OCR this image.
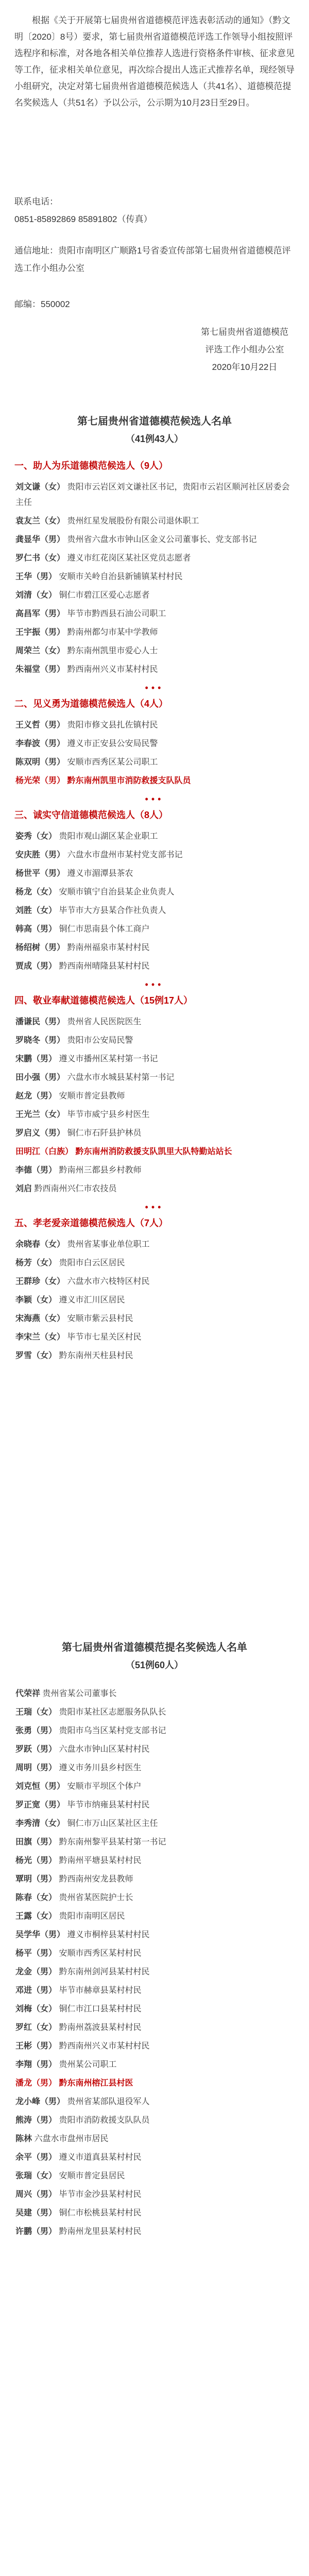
根据《关于开展第七届贵州省道德模范评选表彰活动的通知》（黔文明〔2020〕8号）要求，第七届贵州省道德模范评选工作领导小组按照评选程序和标准，对各地各相关单位推荐人选进行资格条件审核、征求意见等工作，征求相关单位意见，再次综合提出人选正式推荐名单，现经领导小组研究，决定对第七届贵州省道德模范候选人（共41名）、道德模范提名奖候选人（共51名）予以公示，公示期为10月23日至29日。

联系电话：
0851-85892869 85891802（传真）
通信地址：贵阳市南明区广顺路1号省委宣传部第七届贵州省道德模范评选工作小组办公室
邮编：550002
第七届贵州省道德模范
评选工作小组办公室
2020年10月22日
第七届贵州省道德模范候选人名单
（41例43人）
一、助人为乐道德模范候选人（9人）
刘文谦（女） 贵阳市云岩区刘文谦社区书记，贵阳市云岩区顺河社区居委会主任
袁友兰（女） 贵州红星发展股份有限公司退休职工
龚显华（男） 贵州省六盘水市钟山区金义公司董事长、党支部书记
罗仁书（女） 遵义市红花岗区某社区党员志愿者
王华（男） 安顺市关岭自治县新铺镇某村村民
刘清（女） 铜仁市碧江区爱心志愿者
高昌军（男） 毕节市黔西县石油公司职工
王宇振（男） 黔南州都匀市某中学教师
周荣兰（女） 黔东南州凯里市爱心人士
朱福堂（男） 黔西南州兴义市某村村民
•••
二、见义勇为道德模范候选人（4人）
王义哲（男） 贵阳市修文县扎佐镇村民
李春波（男） 遵义市正安县公安局民警
陈双明（男） 安顺市西秀区某公司职工
杨光荣（男） 黔东南州凯里市消防救援支队队员
•••
三、诚实守信道德模范候选人（8人）
姿秀（女） 贵阳市观山湖区某企业职工
安庆胜（男） 六盘水市盘州市某村党支部书记
杨世平（男） 遵义市湄潭县茶农
杨龙（女） 安顺市镇宁自治县某企业负责人
刘胜（女） 毕节市大方县某合作社负责人
韩高（男） 铜仁市思南县个体工商户
杨绍树（男） 黔南州福泉市某村村民
贾成（男） 黔西南州晴隆县某村村民
•••
四、敬业奉献道德模范候选人（15例17人）
潘谦民（男） 贵州省人民医院医生
罗晓冬（男） 贵阳市公安局民警
宋鹏（男） 遵义市播州区某村第一书记
田小强（男） 六盘水市水城县某村第一书记
赵龙（男） 安顺市普定县教师
王光兰（女） 毕节市威宁县乡村医生
罗启义（男） 铜仁市石阡县护林员
田明江（白族） 黔东南州消防救援支队凯里大队特勤站站长
李德（男） 黔南州三都县乡村教师
刘启 黔西南州兴仁市农技员
•••
五、孝老爱亲道德模范候选人（7人）
余晓春（女） 贵州省某事业单位职工
杨芳（女） 贵阳市白云区居民
王群珍（女） 六盘水市六枝特区村民
李颖（女） 遵义市汇川区居民
宋海燕（女） 安顺市紫云县村民
李宋兰（女） 毕节市七星关区村民
罗雪（女） 黔东南州天柱县村民
第七届贵州省道德模范提名奖候选人名单
（51例60人）
代荣祥 贵州省某公司董事长
王瑞（女） 贵阳市某社区志愿服务队队长
张勇（男） 贵阳市乌当区某村党支部书记
罗跃（男） 六盘水市钟山区某村村民
周明（男） 遵义市务川县乡村医生
刘克恒（男） 安顺市平坝区个体户
罗正宽（男） 毕节市纳雍县某村村民
李秀清（女） 铜仁市万山区某社区主任
田旗（男） 黔东南州黎平县某村第一书记
杨光（男） 黔南州平塘县某村村民
覃明（男） 黔西南州安龙县教师
陈春（女） 贵州省某医院护士长
王露（女） 贵阳市南明区居民
吴学华（男） 遵义市桐梓县某村村民
杨平（男） 安顺市西秀区某村村民
龙金（男） 黔东南州剑河县某村村民
邓进（男） 毕节市赫章县某村村民
刘梅（女） 铜仁市江口县某村村民
罗红（女） 黔南州荔波县某村村民
王彬（男） 黔西南州兴义市某村村民
李翔（男） 贵州某公司职工
潘龙（男） 黔东南州榕江县村医
龙小峰（男） 贵州省某部队退役军人
熊涛（男） 贵阳市消防救援支队队员
陈林 六盘水市盘州市居民
余平（男） 遵义市道真县某村村民
张瑞（女） 安顺市普定县居民
周兴（男） 毕节市金沙县某村村民
吴建（男） 铜仁市松桃县某村村民
许鹏（男） 黔南州龙里县某村村民
